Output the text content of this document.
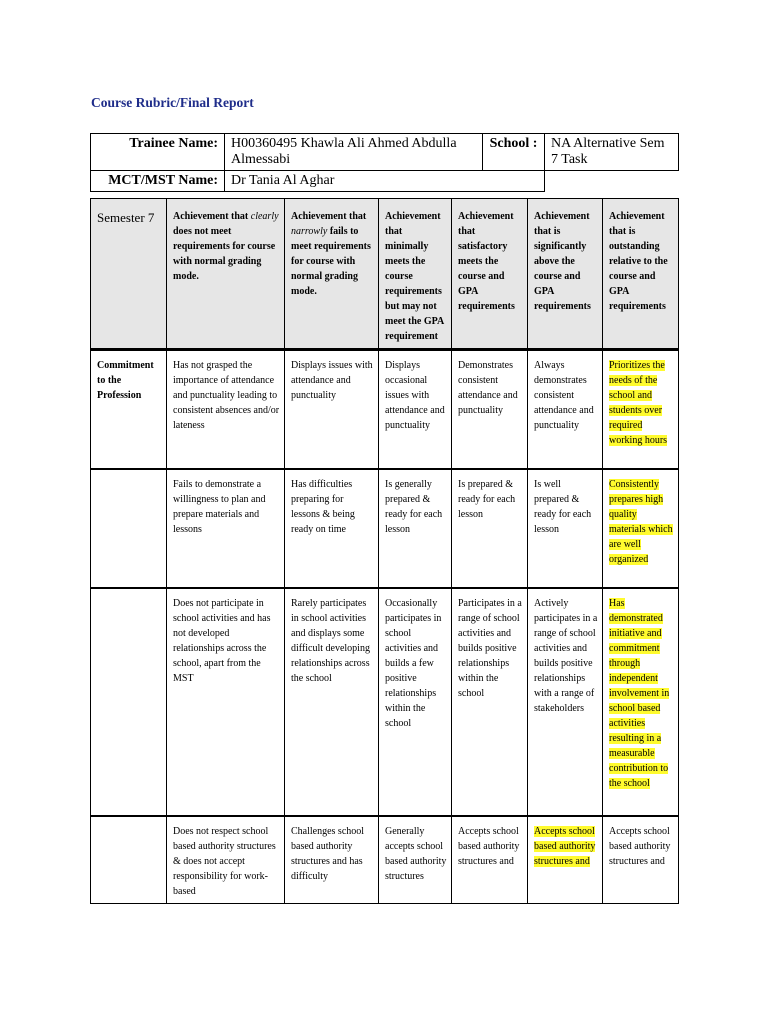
Course Rubric/Final Report
Trainee Name:	H00360495 Khawla Ali Ahmed Abdulla Almessabi	School :	NA Alternative Sem 7 Task
MCT/MST Name:	Dr Tania Al Aghar		
Semester 7	Achievement that clearly does not meet requirements for course with normal grading mode.	Achievement that narrowly fails to meet requirements for course with normal grading mode.	Achievement that minimally meets the course requirements but may not meet the GPA requirement	Achievement that satisfactory meets the course and GPA requirements	Achievement that is significantly above the course and GPA requirements	Achievement that is outstanding relative to the course and GPA requirements
Commitment to the Profession	Has not grasped the importance of attendance and punctuality leading to consistent absences and/or lateness	Displays issues with attendance and punctuality	Displays occasional issues with attendance and punctuality	Demonstrates consistent attendance and punctuality	Always demonstrates consistent attendance and punctuality	Prioritizes the needs of the school and students over required working hours
	Fails to demonstrate a willingness to plan and prepare materials and lessons	Has difficulties preparing for lessons & being ready on time	Is generally prepared & ready for each lesson	Is prepared & ready for each lesson	Is well prepared & ready for each lesson	Consistently prepares high quality materials which are well organized
	Does not participate in school activities and has not developed relationships across the school, apart from the MST	Rarely participates in school activities and displays some difficult developing relationships across the school	Occasionally participates in school activities and builds a few positive relationships within the school	Participates in a range of school activities and builds positive relationships within the school	Actively participates in a range of school activities and builds positive relationships with a range of stakeholders	Has demonstrated initiative and commitment through independent involvement in school based activities resulting in a measurable contribution to the school
	Does not respect school based authority structures & does not accept responsibility for work-based	Challenges school based authority structures and has difficulty	Generally accepts school based authority structures	Accepts school based authority structures and	Accepts school based authority structures and	Accepts school based authority structures and
